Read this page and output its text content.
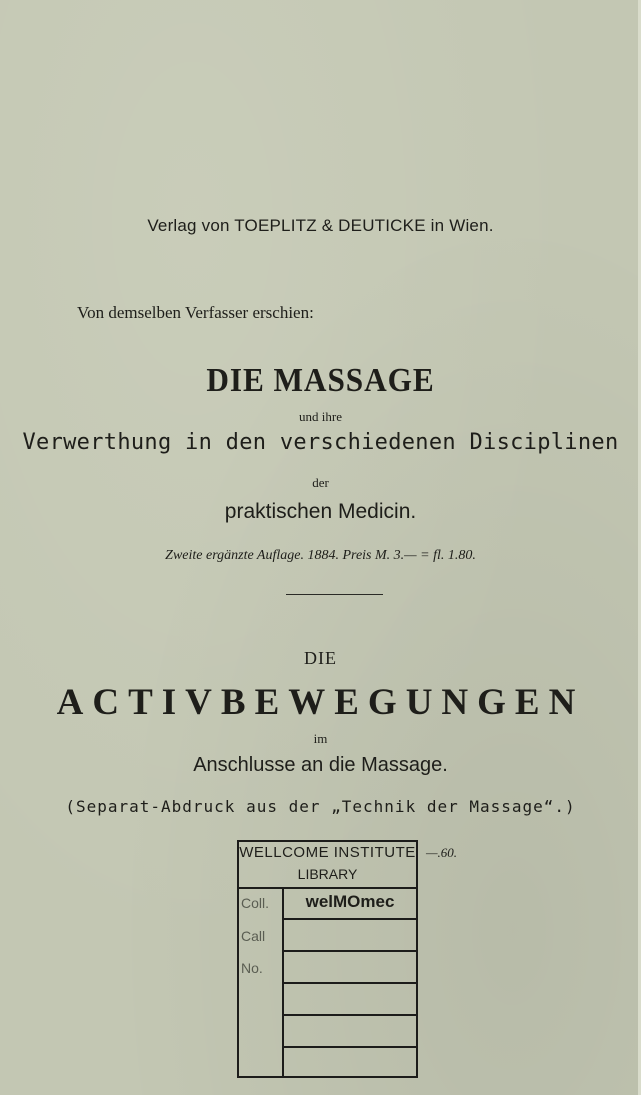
Verlag von TOEPLITZ & DEUTICKE in Wien.
Von demselben Verfasser erschien:
DIE MASSAGE
und ihre
Verwerthung in den verschiedenen Disciplinen
der
praktischen Medicin.
Zweite ergänzte Auflage. 1884. Preis M. 3.— = fl. 1.80.
DIE
ACTIVBEWEGUNGEN
im
Anschlusse an die Massage.
(Separat-Abdruck aus der „Technik der Massage“.)
WELLCOME INSTITUTE
LIBRARY
Coll.	welMOmec
Call
No.
—.60.
